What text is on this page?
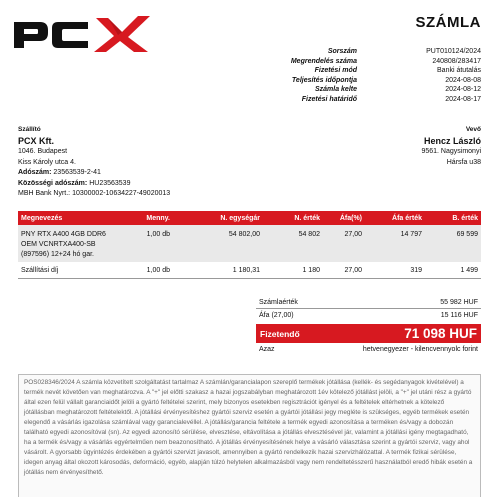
SZÁMLA
Sorszám	PUT010124/2024
Megrendelés száma	240808/283417
Fizetési mód	Banki átutalás
Teljesítés időpontja	2024-08-08
Számla kelte	2024-08-12
Fizetési határidő	2024-08-17
Szállító
PCX Kft.
1046. Budapest
Kiss Károly utca 4.
Adószám: 23563539-2-41
Közösségi adószám: HU23563539
MBH Bank Nyrt.: 10300002-10634227-49020013
Vevő
Hencz László
9561. Nagysimonyi
Hársfa u38
Megnevezés	Menny.	N. egységár	N. érték	Áfa(%)	Áfa érték	B. érték

PNY RTX A400 4GB DDR6
OEM VCNRTXA400-SB
(897596) 12+24 hó gar.	1,00 db	54 802,00	54 802	27,00	14 797	69 599

Szállítási díj	1,00 db	1 180,31	1 180	27,00	319	1 499
Számlaérték	55 982 HUF
Áfa (27,00)	15 116 HUF
Fizetendő	71 098 HUF
Azaz	hetvenegyezer - kilencvennyolc forint
POS028346/2024 A számla közvetített szolgáltatást tartalmaz A számlán/garancialapon szereplő termékek jótállása (kellék- és segédanyagok kivételével) a termék nevét követően van meghatározva. A "+" jel előtti szakasz a hazai jogszabályban meghatározott 1év kötelező jótállást jelöli, a "+" jel utáni rész a gyártó által ezen felül vállalt garanciaidőt jelöli a gyártó feltételei szerint, mely bizonyos esetekben regisztrációt igényel és a feltételek eltérhetnek a kötelező jótállásban meghatározott feltételektől. A jótállási érvényesítéshez gyártói szerviz esetén a gyártói jótállási jegy megléte is szükséges, egyéb termékek esetén elegendő a vásárlás igazolása számlával vagy garancialevéllel. A jótállás/garancia feltétele a termék egyedi azonosítása a terméken és/vagy a dobozán található egyedi azonosítóval (sn). Az egyedi azonosító sérülése, elvesztése, eltávolítása a jótállás elvesztésével jár, valamint a jótállási igény megtagadható, ha a termék és/vagy a vásárlás egyértelműen nem beazonosítható. A jótállás érvényesítésének helye a vásárló választása szerint a gyártói szerviz, vagy ahol vásárolt. A gyorsabb ügyintézés érdekében a gyártói szervizt javasolt, amennyiben a gyártó rendelkezik hazai szervizhálózattal. A termék fizikai sérülése, idegen anyag által okozott károsodás, deformáció, egyéb, alapján túlzó helytelen alkalmazásból vagy nem rendeltetésszerű használatból eredő hibák esetén a jótállás nem érvényesíthető.
